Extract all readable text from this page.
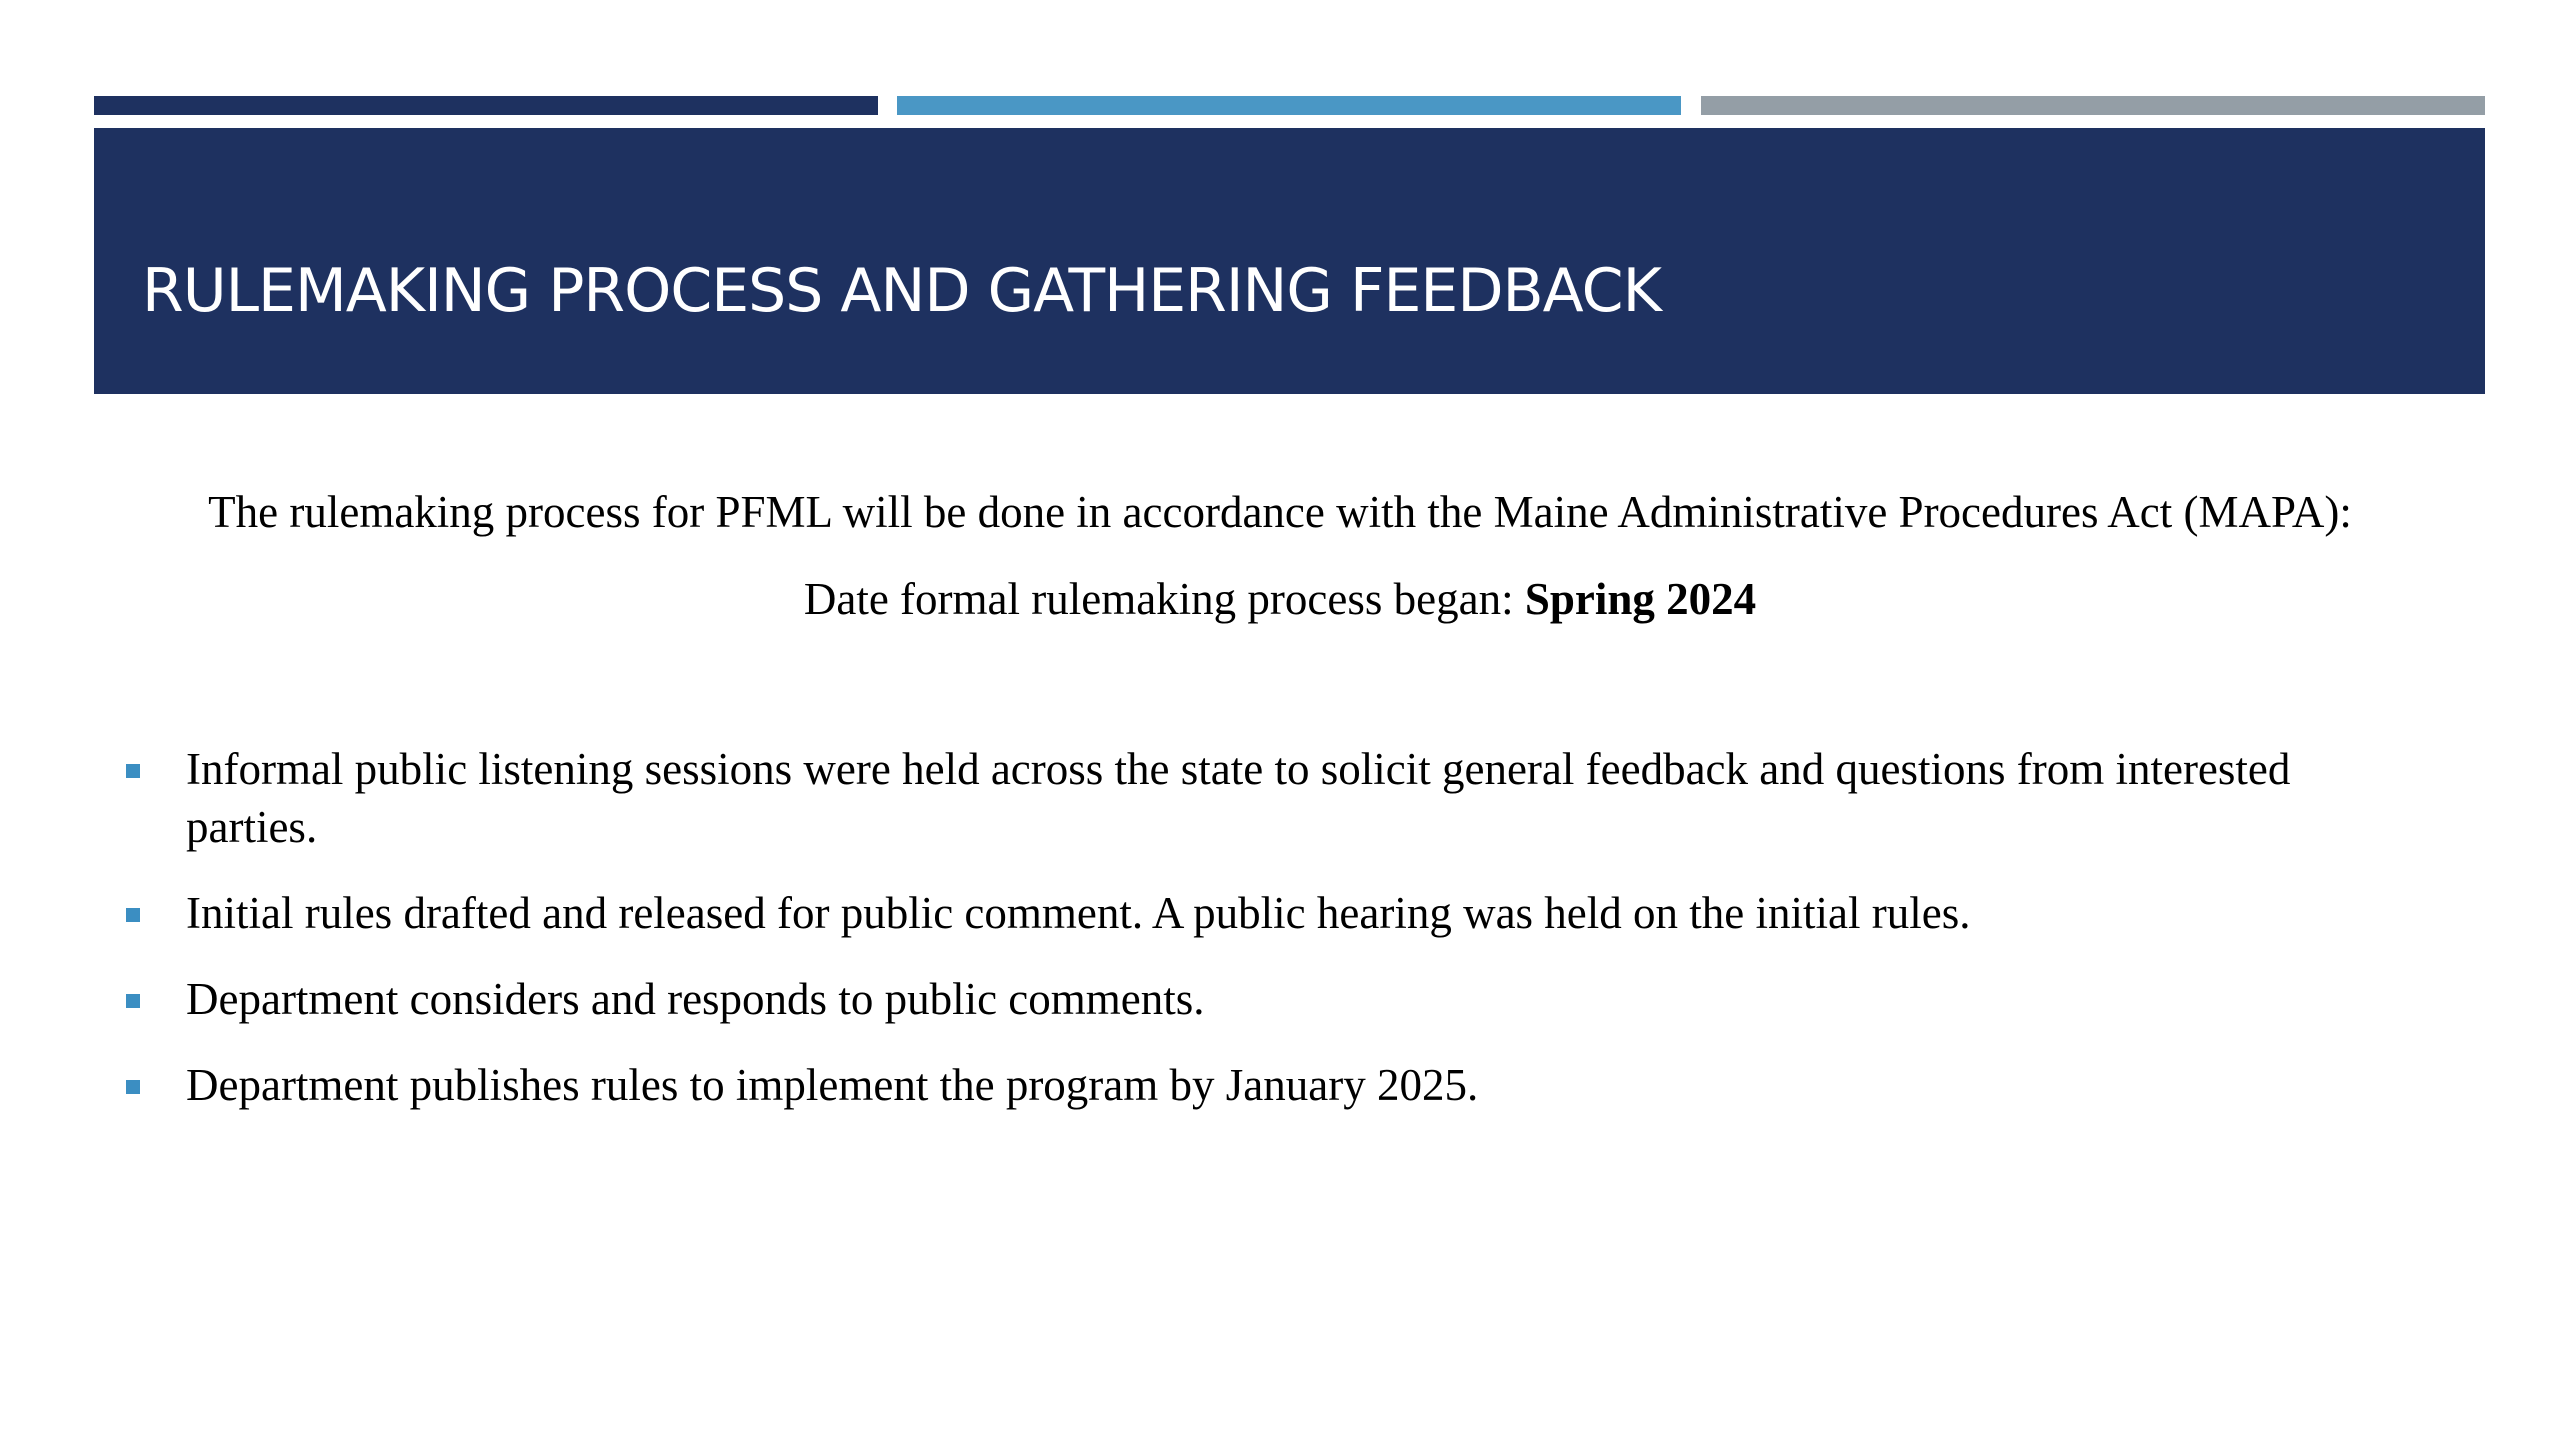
RULEMAKING PROCESS AND GATHERING FEEDBACK
The rulemaking process for PFML will be done in accordance with the Maine Administrative Procedures Act (MAPA):
Date formal rulemaking process began: Spring 2024
Informal public listening sessions were held across the state to solicit general feedback and questions from interested parties.
Initial rules drafted and released for public comment. A public hearing was held on the initial rules.
Department considers and responds to public comments.
Department publishes rules to implement the program by January 2025.
